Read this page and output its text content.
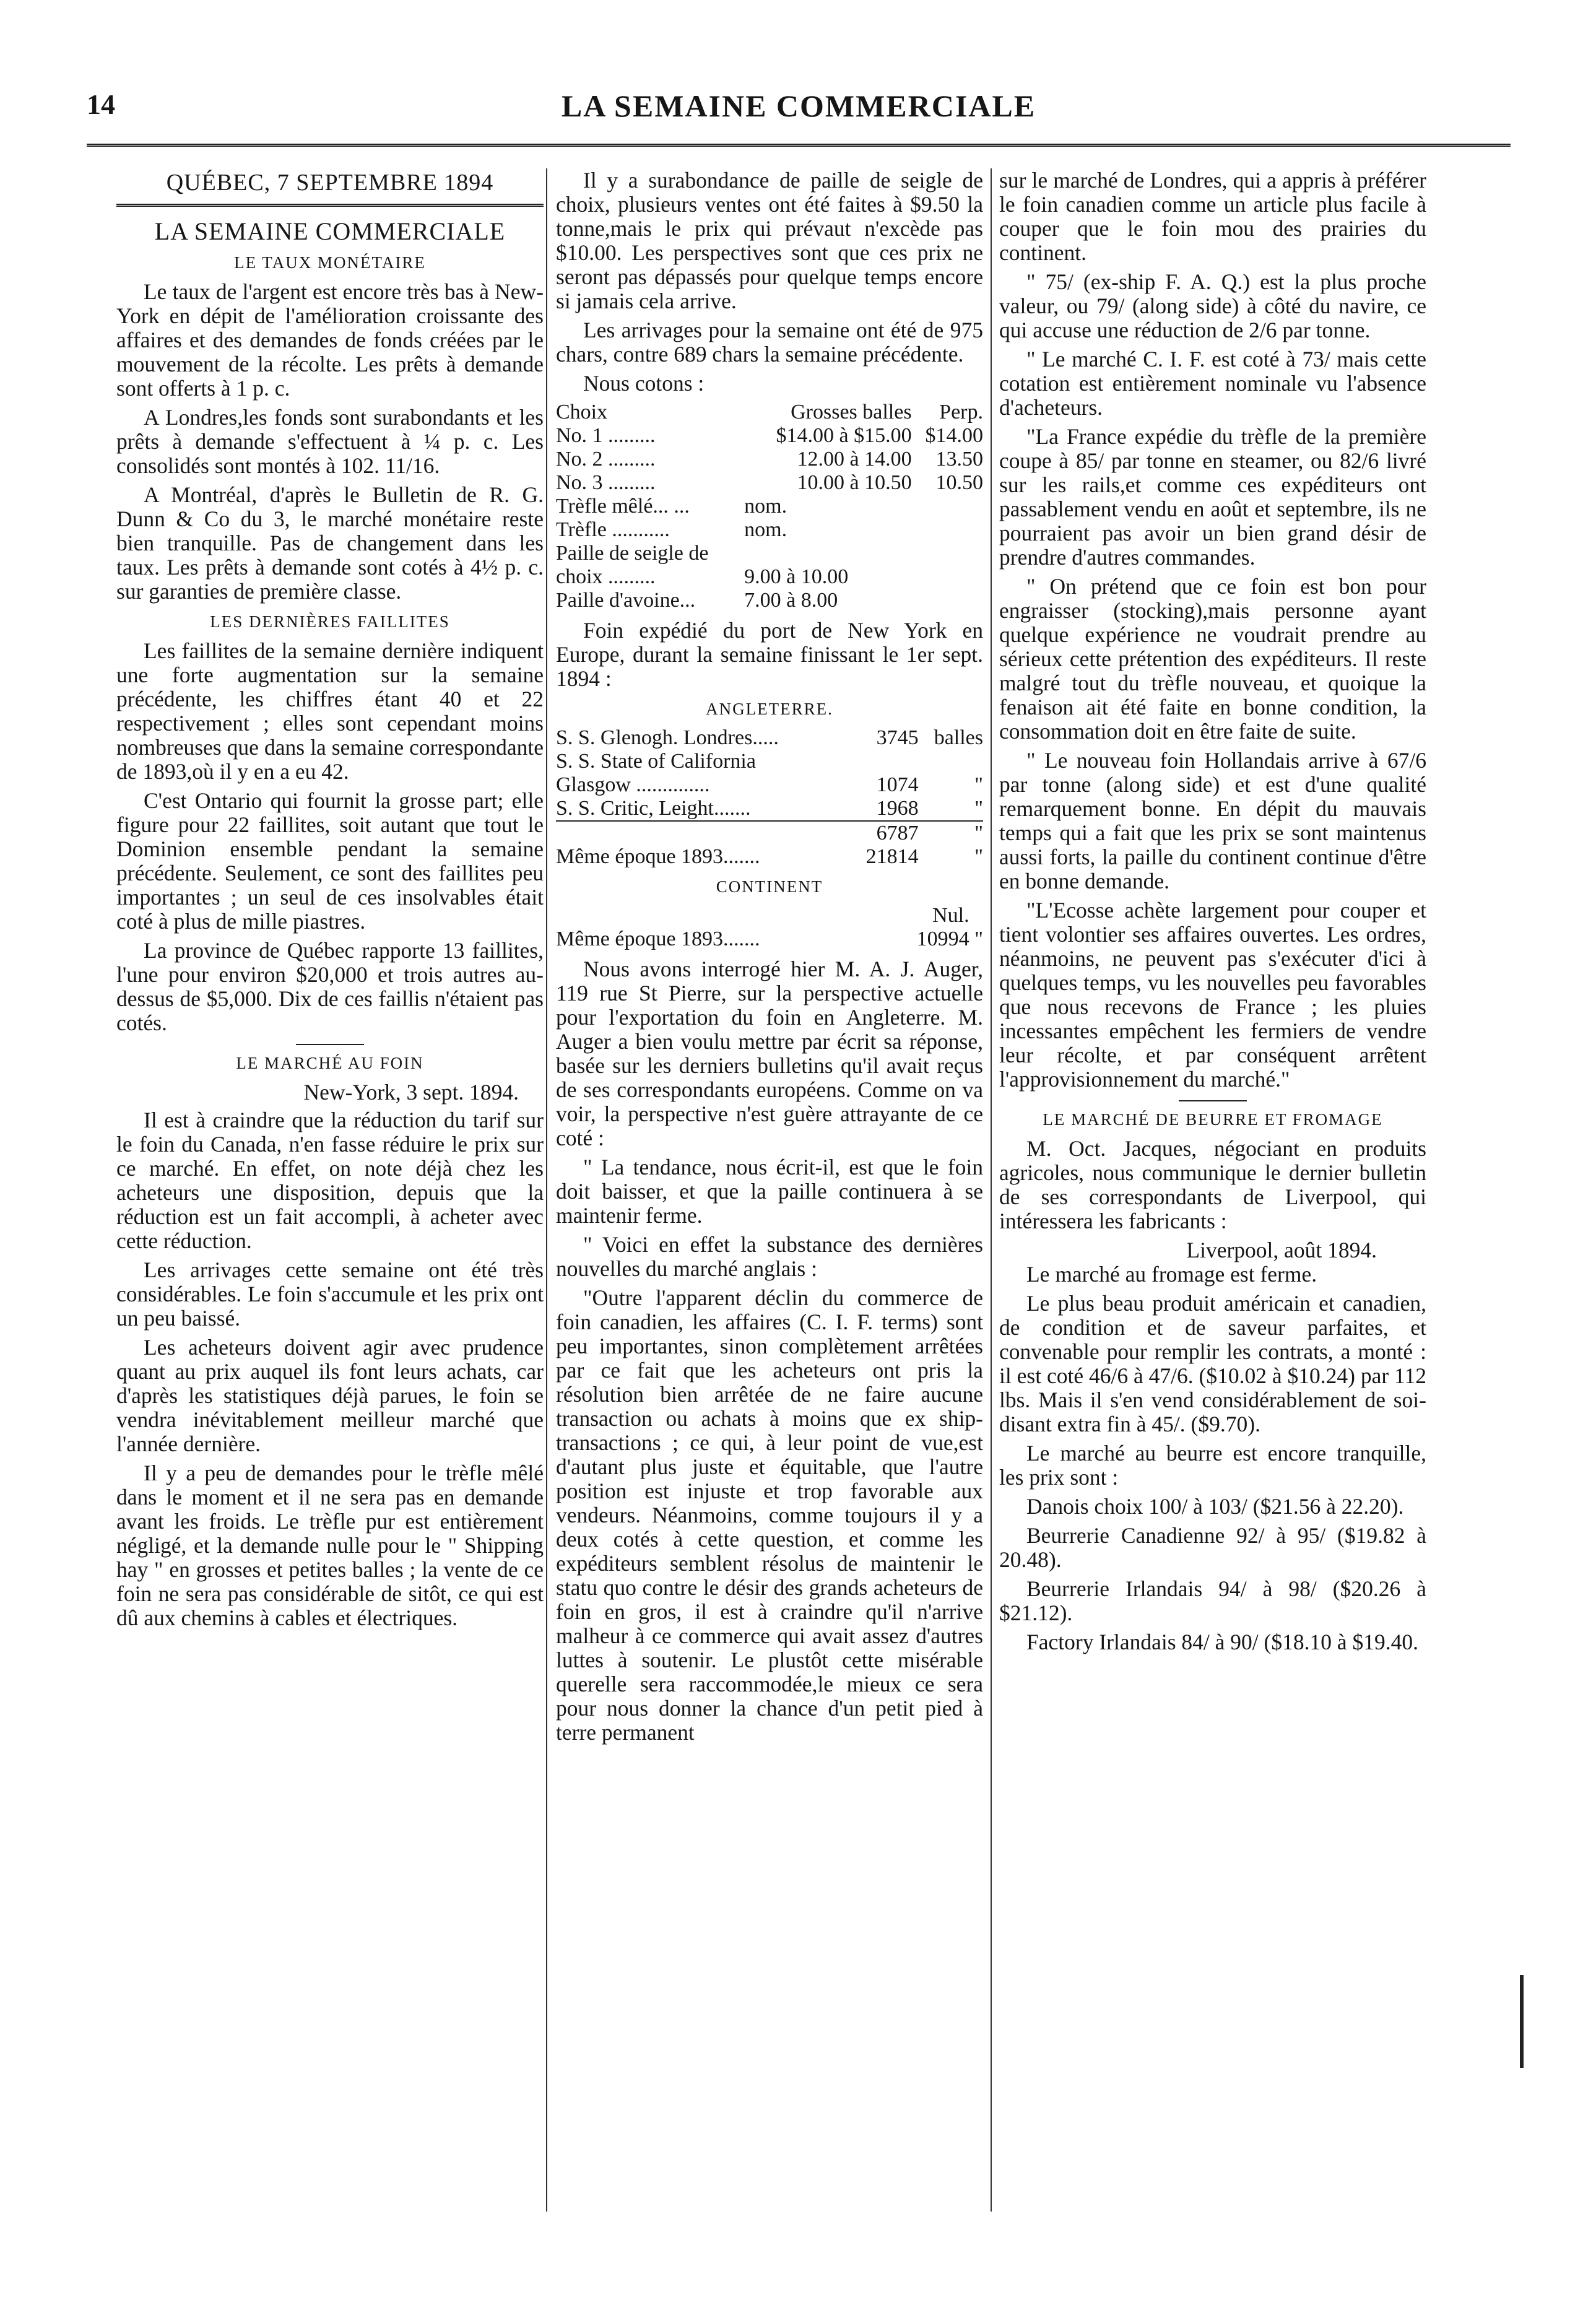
14	LA SEMAINE COMMERCIALE
QUÉBEC, 7 SEPTEMBRE 1894
LA SEMAINE COMMERCIALE
LE TAUX MONÉTAIRE

Le taux de l'argent est encore très bas à New-York en dépit de l'amélioration croissante des affaires et des demandes de fonds créées par le mouvement de la récolte. Les prêts à demande sont offerts à 1 p. c.

A Londres,les fonds sont surabondants et les prêts à demande s'effectuent à ¼ p. c. Les consolidés sont montés à 102. 11/16.

A Montréal, d'après le Bulletin de R. G. Dunn & Co du 3, le marché monétaire reste bien tranquille. Pas de changement dans les taux. Les prêts à demande sont cotés à 4½ p. c. sur garanties de première classe.

LES DERNIÈRES FAILLITES

Les faillites de la semaine dernière indiquent une forte augmentation sur la semaine précédente, les chiffres étant 40 et 22 respectivement ; elles sont cependant moins nombreuses que dans la semaine correspondante de 1893,où il y en a eu 42.

C'est Ontario qui fournit la grosse part; elle figure pour 22 faillites, soit autant que tout le Dominion ensemble pendant la semaine précédente. Seulement, ce sont des faillites peu importantes ; un seul de ces insolvables était coté à plus de mille piastres.

La province de Québec rapporte 13 faillites, l'une pour environ $20,000 et trois autres au-dessus de $5,000. Dix de ces faillis n'étaient pas cotés.

LE MARCHÉ AU FOIN
New-York, 3 sept. 1894.

Il est à craindre que la réduction du tarif sur le foin du Canada, n'en fasse réduire le prix sur ce marché. En effet, on note déjà chez les acheteurs une disposition, depuis que la réduction est un fait accompli, à acheter avec cette réduction.

Les arrivages cette semaine ont été très considérables. Le foin s'accumule et les prix ont un peu baissé.

Les acheteurs doivent agir avec prudence quant au prix auquel ils font leurs achats, car d'après les statistiques déjà parues, le foin se vendra inévitablement meilleur marché que l'année dernière.

Il y a peu de demandes pour le trèfle mêlé dans le moment et il ne sera pas en demande avant les froids. Le trèfle pur est entièrement négligé, et la demande nulle pour le " Shipping hay " en grosses et petites balles ; la vente de ce foin ne sera pas considérable de sitôt, ce qui est dû aux chemins à cables et électriques.

Il y a surabondance de paille de seigle de choix, plusieurs ventes ont été faites à $9.50 la tonne,mais le prix qui prévaut n'excède pas $10.00. Les perspectives sont que ces prix ne seront pas dépassés pour quelque temps encore si jamais cela arrive.

Les arrivages pour la semaine ont été de 975 chars, contre 689 chars la semaine précédente.

Nous cotons :

Choix	Grosses balles	Perp.
No. 1 .........	$14.00 à $15.00	$14.00
No. 2 .........	12.00 à 14.00	13.50
No. 3 .........	10.00 à 10.50	10.50
Trèfle mêlé... ...	nom.	
Trèfle ...........	nom.	
Paille de seigle de		
choix .........	9.00 à 10.00	
Paille d'avoine...	7.00 à 8.00	

Foin expédié du port de New York en Europe, durant la semaine finissant le 1er sept. 1894 :

ANGLETERRE.
S. S. Glenogh. Londres.....	3745	balles
S. S. State of California		
Glasgow ..............	1074	"
S. S. Critic, Leight.......	1968	"
	6787	"
Même époque 1893.......	21814	"
CONTINENT
	Nul.	
Même époque 1893.......	10994	"

Nous avons interrogé hier M. A. J. Auger, 119 rue St Pierre, sur la perspective actuelle pour l'exportation du foin en Angleterre. M. Auger a bien voulu mettre par écrit sa réponse, basée sur les derniers bulletins qu'il avait reçus de ses correspondants européens. Comme on va voir, la perspective n'est guère attrayante de ce coté :

" La tendance, nous écrit-il, est que le foin doit baisser, et que la paille continuera à se maintenir ferme.

" Voici en effet la substance des dernières nouvelles du marché anglais :

"Outre l'apparent déclin du commerce de foin canadien, les affaires (C. I. F. terms) sont peu importantes, sinon complètement arrêtées par ce fait que les acheteurs ont pris la résolution bien arrêtée de ne faire aucune transaction ou achats à moins que ex ship-transactions ; ce qui, à leur point de vue,est d'autant plus juste et équitable, que l'autre position est injuste et trop favorable aux vendeurs. Néanmoins, comme toujours il y a deux cotés à cette question, et comme les expéditeurs semblent résolus de maintenir le statu quo contre le désir des grands acheteurs de foin en gros, il est à craindre qu'il n'arrive malheur à ce commerce qui avait assez d'autres luttes à soutenir. Le plustôt cette misérable querelle sera raccommodée,le mieux ce sera pour nous donner la chance d'un petit pied à terre permanent

sur le marché de Londres, qui a appris à préférer le foin canadien comme un article plus facile à couper que le foin mou des prairies du continent.

" 75/ (ex-ship F. A. Q.) est la plus proche valeur, ou 79/ (along side) à côté du navire, ce qui accuse une réduction de 2/6 par tonne.

" Le marché C. I. F. est coté à 73/ mais cette cotation est entièrement nominale vu l'absence d'acheteurs.

"La France expédie du trèfle de la première coupe à 85/ par tonne en steamer, ou 82/6 livré sur les rails,et comme ces expéditeurs ont passablement vendu en août et septembre, ils ne pourraient pas avoir un bien grand désir de prendre d'autres commandes.

" On prétend que ce foin est bon pour engraisser (stocking),mais personne ayant quelque expérience ne voudrait prendre au sérieux cette prétention des expéditeurs. Il reste malgré tout du trèfle nouveau, et quoique la fenaison ait été faite en bonne condition, la consommation doit en être faite de suite.

" Le nouveau foin Hollandais arrive à 67/6 par tonne (along side) et est d'une qualité remarquement bonne. En dépit du mauvais temps qui a fait que les prix se sont maintenus aussi forts, la paille du continent continue d'être en bonne demande.

"L'Ecosse achète largement pour couper et tient volontier ses affaires ouvertes. Les ordres, néanmoins, ne peuvent pas s'exécuter d'ici à quelques temps, vu les nouvelles peu favorables que nous recevons de France ; les pluies incessantes empêchent les fermiers de vendre leur récolte, et par conséquent arrêtent l'approvisionnement du marché."

LE MARCHÉ DE BEURRE ET FROMAGE

M. Oct. Jacques, négociant en produits agricoles, nous communique le dernier bulletin de ses correspondants de Liverpool, qui intéressera les fabricants :

Liverpool, août 1894.

Le marché au fromage est ferme.

Le plus beau produit américain et canadien, de condition et de saveur parfaites, et convenable pour remplir les contrats, a monté : il est coté 46/6 à 47/6. ($10.02 à $10.24) par 112 lbs. Mais il s'en vend considérablement de soi-disant extra fin à 45/. ($9.70).

Le marché au beurre est encore tranquille, les prix sont :

Danois choix 100/ à 103/ ($21.56 à 22.20).

Beurrerie Canadienne 92/ à 95/ ($19.82 à 20.48).

Beurrerie Irlandais 94/ à 98/ ($20.26 à $21.12).

Factory Irlandais 84/ à 90/ ($18.10 à $19.40.
